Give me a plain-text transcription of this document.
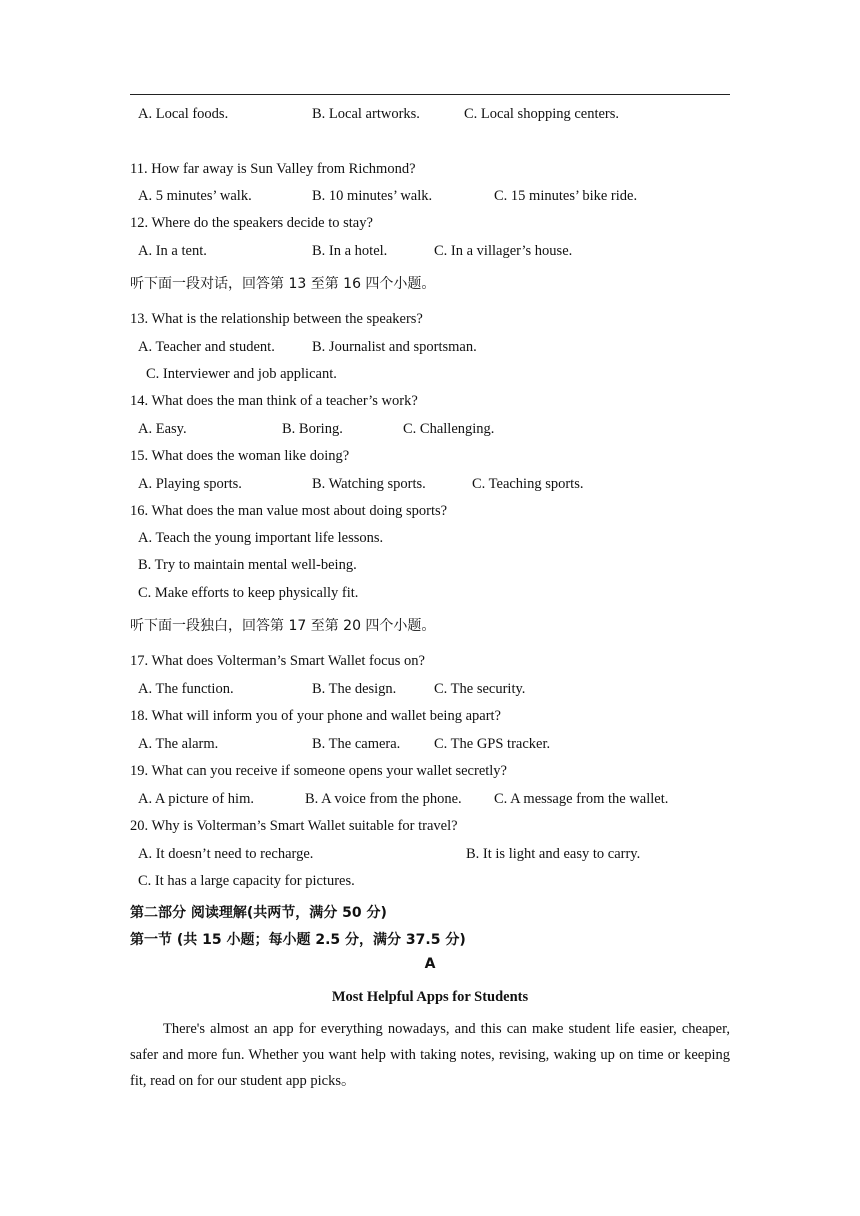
A. Local foods.	B. Local artworks.	C. Local shopping centers.
11. How far away is Sun Valley from Richmond?
A. 5 minutes’ walk.	B. 10 minutes’ walk.	C. 15 minutes’ bike ride.
12. Where do the speakers decide to stay?
A. In a tent.	B. In a hotel.	C. In a villager’s house.
听下面一段对话，回答第 13 至第 16 四个小题。
13. What is the relationship between the speakers?
A. Teacher and student.	B. Journalist and sportsman.
C. Interviewer and job applicant.
14. What does the man think of a teacher’s work?
A. Easy.	B. Boring.	C. Challenging.
15. What does the woman like doing?
A. Playing sports.	B. Watching sports.	C. Teaching sports.
16. What does the man value most about doing sports?
A. Teach the young important life lessons.
B. Try to maintain mental well-being.
C. Make efforts to keep physically fit.
听下面一段独白，回答第 17 至第 20 四个小题。
17. What does Volterman’s Smart Wallet focus on?
A. The function.	B. The design.	C. The security.
18. What will inform you of your phone and wallet being apart?
A. The alarm.	B. The camera. C. The GPS tracker.
19. What can you receive if someone opens your wallet secretly?
A. A picture of him.	B. A voice from the phone. C. A message from the wallet.
20. Why is Volterman’s Smart Wallet suitable for travel?
A. It doesn’t need to recharge.	B. It is light and easy to carry.
C. It has a large capacity for pictures.
第二部分 阅读理解(共两节，满分 50 分)
第一节 (共 15 小题；每小题 2.5 分，满分 37.5 分)
A
Most Helpful Apps for Students
There's almost an app for everything nowadays, and this can make student life easier, cheaper, safer and more fun. Whether you want help with taking notes, revising, waking up on time or keeping fit, read on for our student app picks。
